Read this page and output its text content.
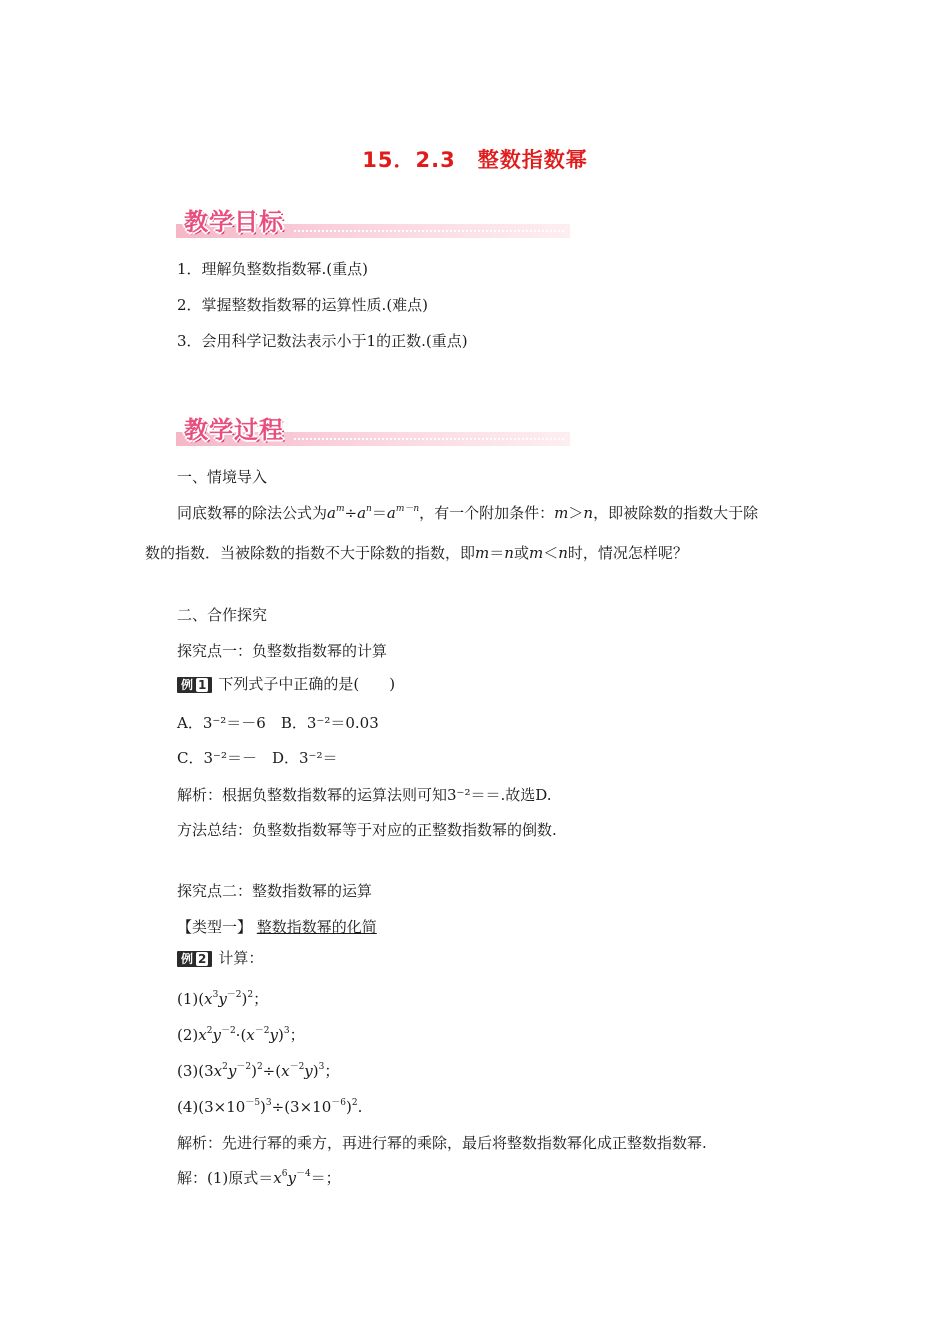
15．2.3　整数指数幂
教学目标
1．理解负整数指数幂.(重点)
2．掌握整数指数幂的运算性质.(难点)
3．会用科学记数法表示小于1的正数.(重点)
教学过程
一、情境导入
同底数幂的除法公式为$a^m\div a^n=a^{m-n}$，有一个附加条件：m＞n，即被除数的指数大于除
数的指数．当被除数的指数不大于除数的指数，即m＝n或m＜n时，情况怎样呢？
二、合作探究
探究点一：负整数指数幂的计算
例 1 下列式子中正确的是(　　)
A．3⁻²＝－6　B．3⁻²＝0.03
C．3⁻²＝－　D．3⁻²＝
解析：根据负整数指数幂的运算法则可知3⁻²＝＝.故选D.
方法总结：负整数指数幂等于对应的正整数指数幂的倒数.
探究点二：整数指数幂的运算
【类型一】 整数指数幂的化简
例 2 计算：
$(1)(x^3y^{-2})^2$；
$(2)x^2y^{-2}\cdot(x^{-2}y)^3$；
$(3)(3x^2y^{-2})^2\div(x^{-2}y)^3$；
$(4)(3\times 10^{-5})^3\div(3\times 10^{-6})^2$.
解析：先进行幂的乘方，再进行幂的乘除，最后将整数指数幂化成正整数指数幂.
解：(1)原式$=x^6y^{-4}=$；
